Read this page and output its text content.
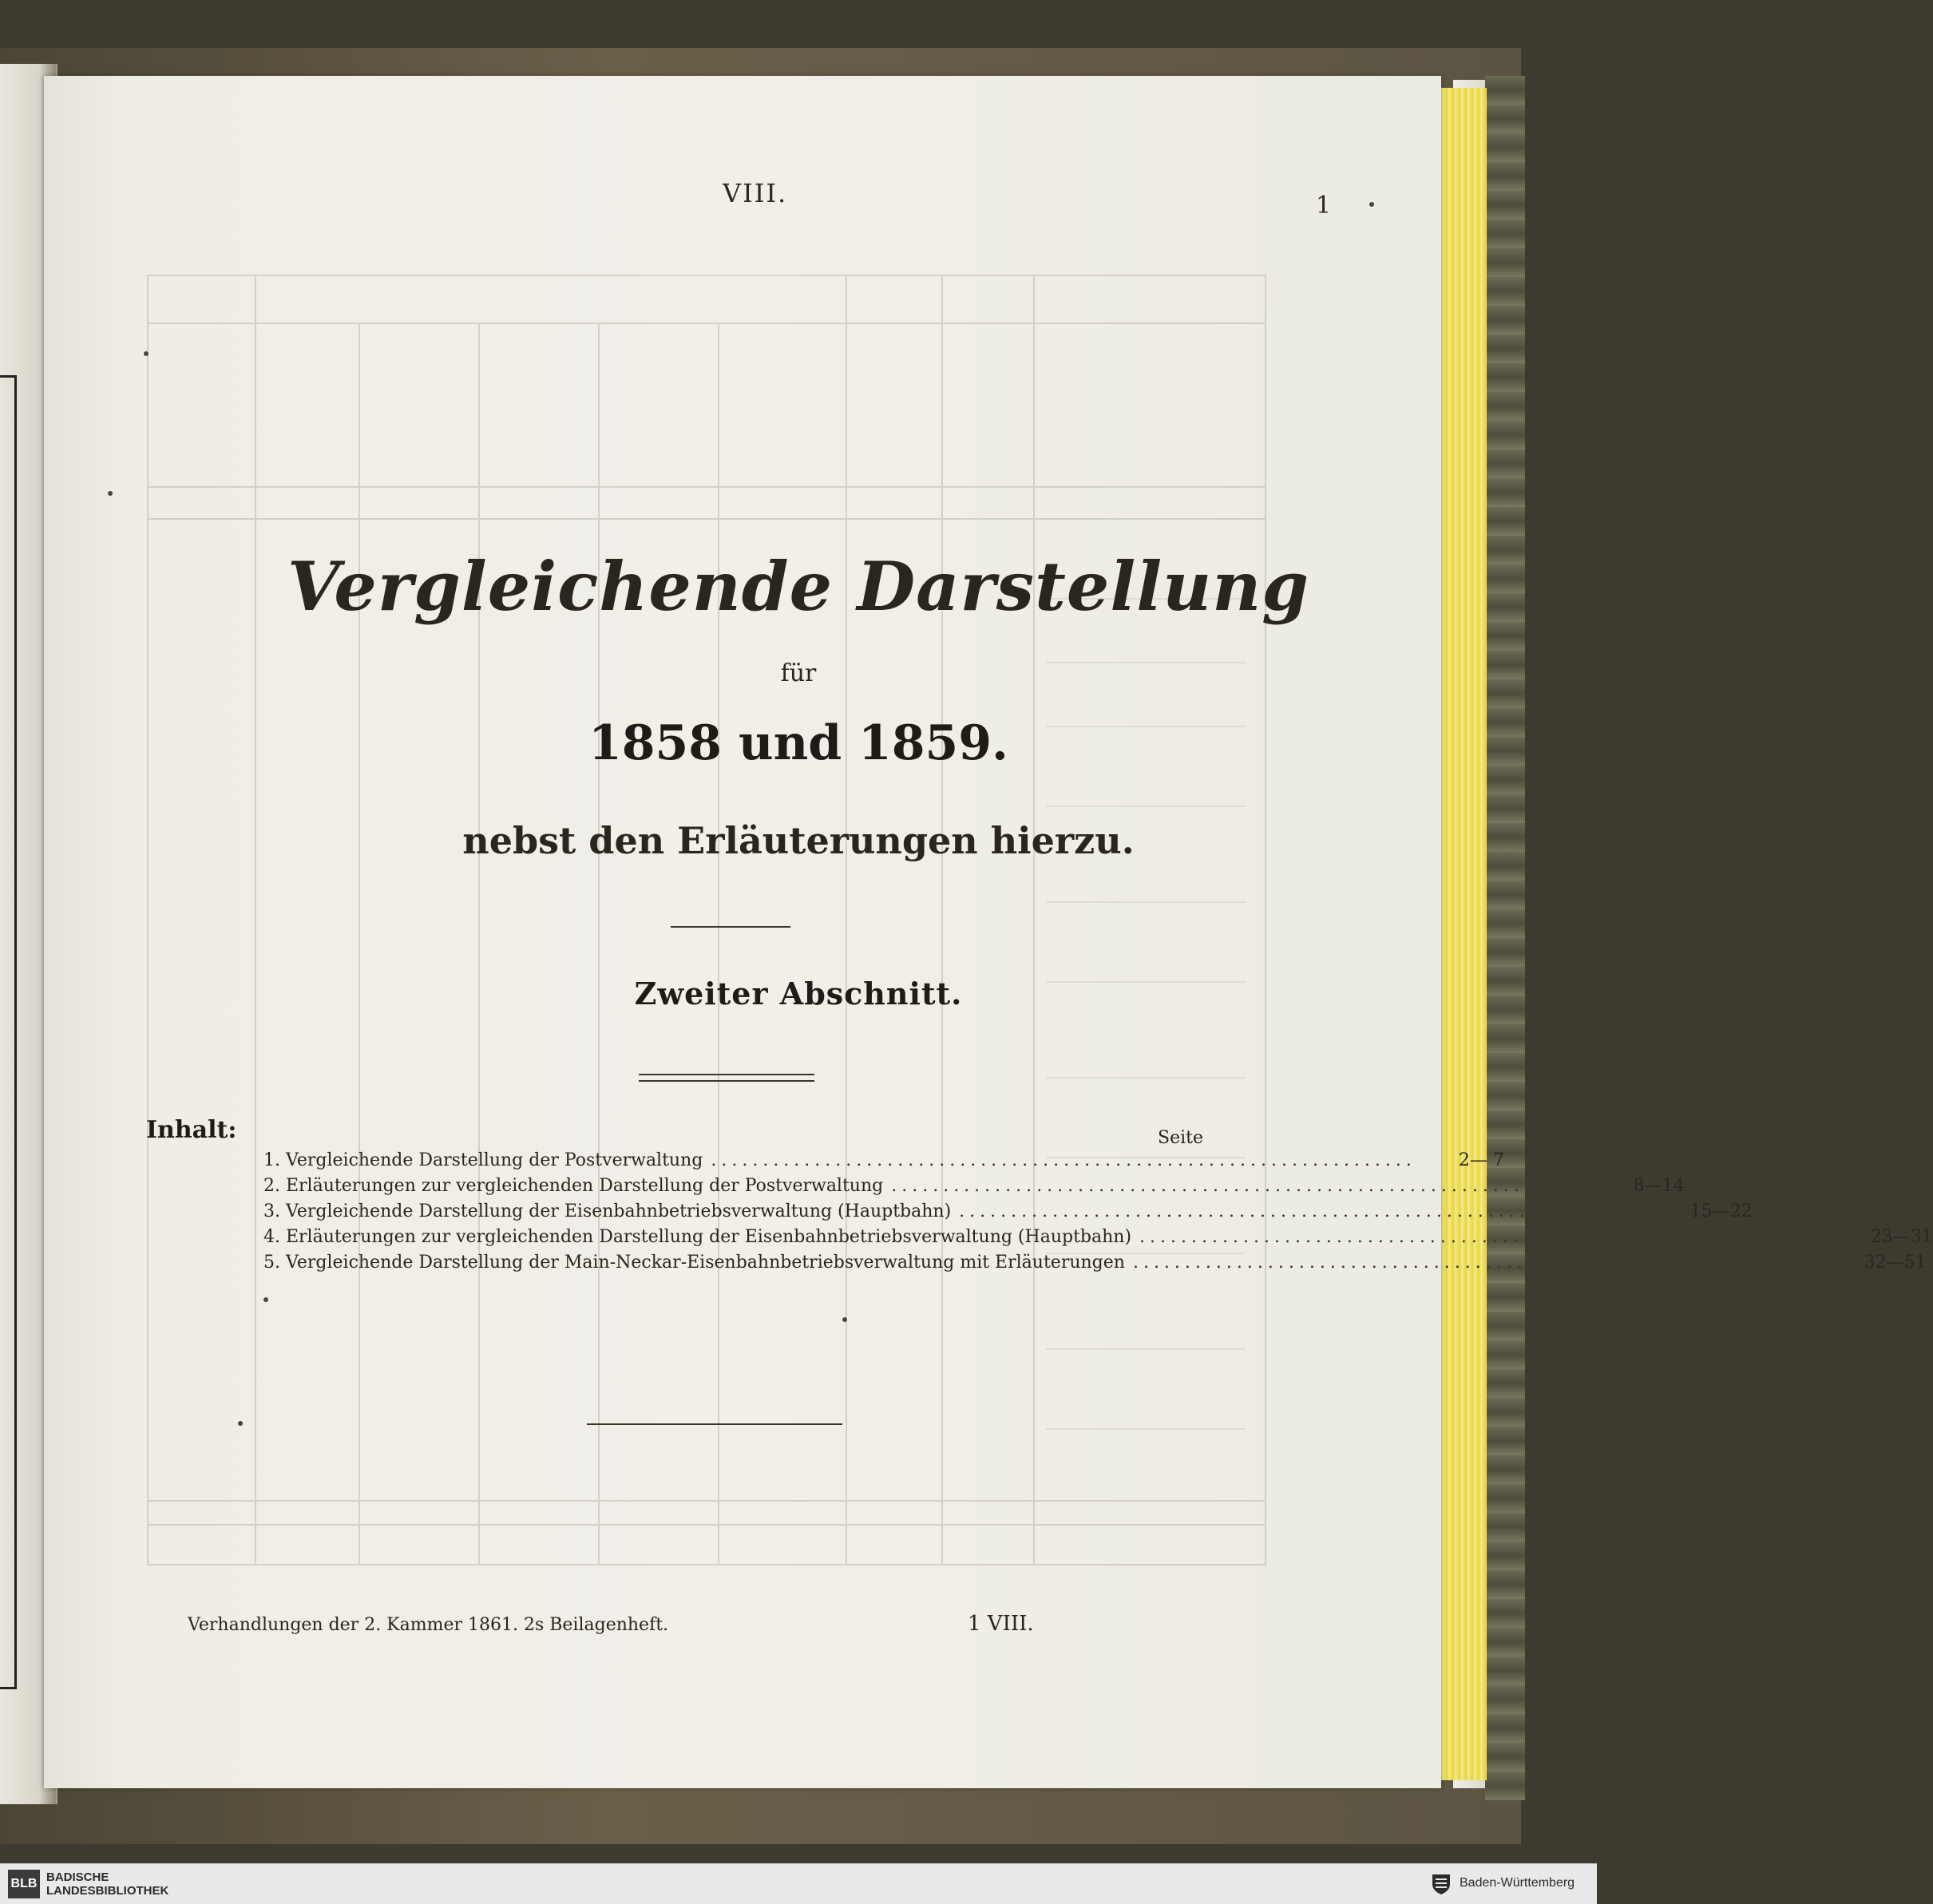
VIII.	1
Vergleichende Darstellung
für
1858 und 1859.
nebst den Erläuterungen hierzu.
Zweiter Abschnitt.
Inhalt:	Seite
1. Vergleichende Darstellung der Postverwaltung ....................................................................	2— 7
2. Erläuterungen zur vergleichenden Darstellung der Postverwaltung ....................................................................	8—14
3. Vergleichende Darstellung der Eisenbahnbetriebsverwaltung (Hauptbahn) ....................................................................	15—22
4. Erläuterungen zur vergleichenden Darstellung der Eisenbahnbetriebsverwaltung (Hauptbahn) ....................................................................	23—31
5. Vergleichende Darstellung der Main-Neckar-Eisenbahnbetriebsverwaltung mit Erläuterungen ....................................................................	32—51
Verhandlungen der 2. Kammer 1861. 2s Beilagenheft.	1 VIII.
BLB BADISCHE
LANDESBIBLIOTHEK
Baden-Württemberg
